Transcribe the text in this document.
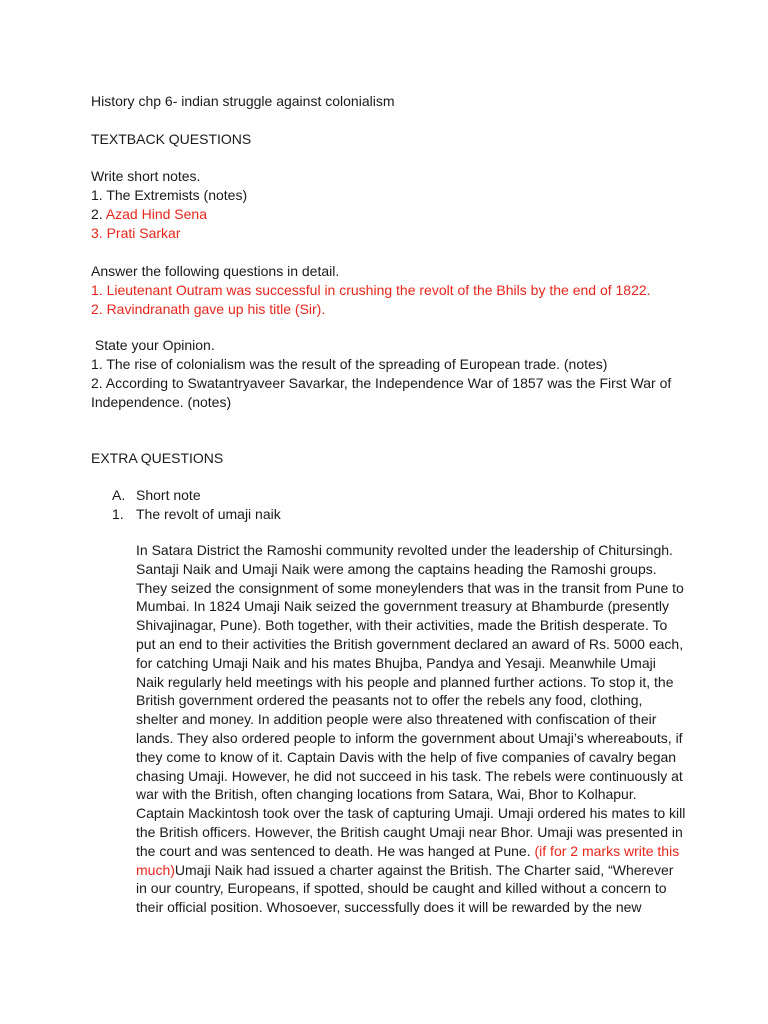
History chp 6- indian struggle against colonialism
TEXTBACK QUESTIONS
Write short notes.
1. The Extremists (notes)
2. Azad Hind Sena
3. Prati Sarkar
Answer the following questions in detail.
1. Lieutenant Outram was successful in crushing the revolt of the Bhils by the end of 1822.
2. Ravindranath gave up his title (Sir).
State your Opinion.
1. The rise of colonialism was the result of the spreading of European trade. (notes)
2. According to Swatantryaveer Savarkar, the Independence War of 1857 was the First War of
Independence. (notes)
EXTRA QUESTIONS
A. Short note
1. The revolt of umaji naik
In Satara District the Ramoshi community revolted under the leadership of Chitursingh.
Santaji Naik and Umaji Naik were among the captains heading the Ramoshi groups.
They seized the consignment of some moneylenders that was in the transit from Pune to
Mumbai. In 1824 Umaji Naik seized the government treasury at Bhamburde (presently
Shivajinagar, Pune). Both together, with their activities, made the British desperate. To
put an end to their activities the British government declared an award of Rs. 5000 each,
for catching Umaji Naik and his mates Bhujba, Pandya and Yesaji. Meanwhile Umaji
Naik regularly held meetings with his people and planned further actions. To stop it, the
British government ordered the peasants not to offer the rebels any food, clothing,
shelter and money. In addition people were also threatened with confiscation of their
lands. They also ordered people to inform the government about Umaji’s whereabouts, if
they come to know of it. Captain Davis with the help of five companies of cavalry began
chasing Umaji. However, he did not succeed in his task. The rebels were continuously at
war with the British, often changing locations from Satara, Wai, Bhor to Kolhapur.
Captain Mackintosh took over the task of capturing Umaji. Umaji ordered his mates to kill
the British officers. However, the British caught Umaji near Bhor. Umaji was presented in
the court and was sentenced to death. He was hanged at Pune. (if for 2 marks write this
much)Umaji Naik had issued a charter against the British. The Charter said, “Wherever
in our country, Europeans, if spotted, should be caught and killed without a concern to
their official position. Whosoever, successfully does it will be rewarded by the new
